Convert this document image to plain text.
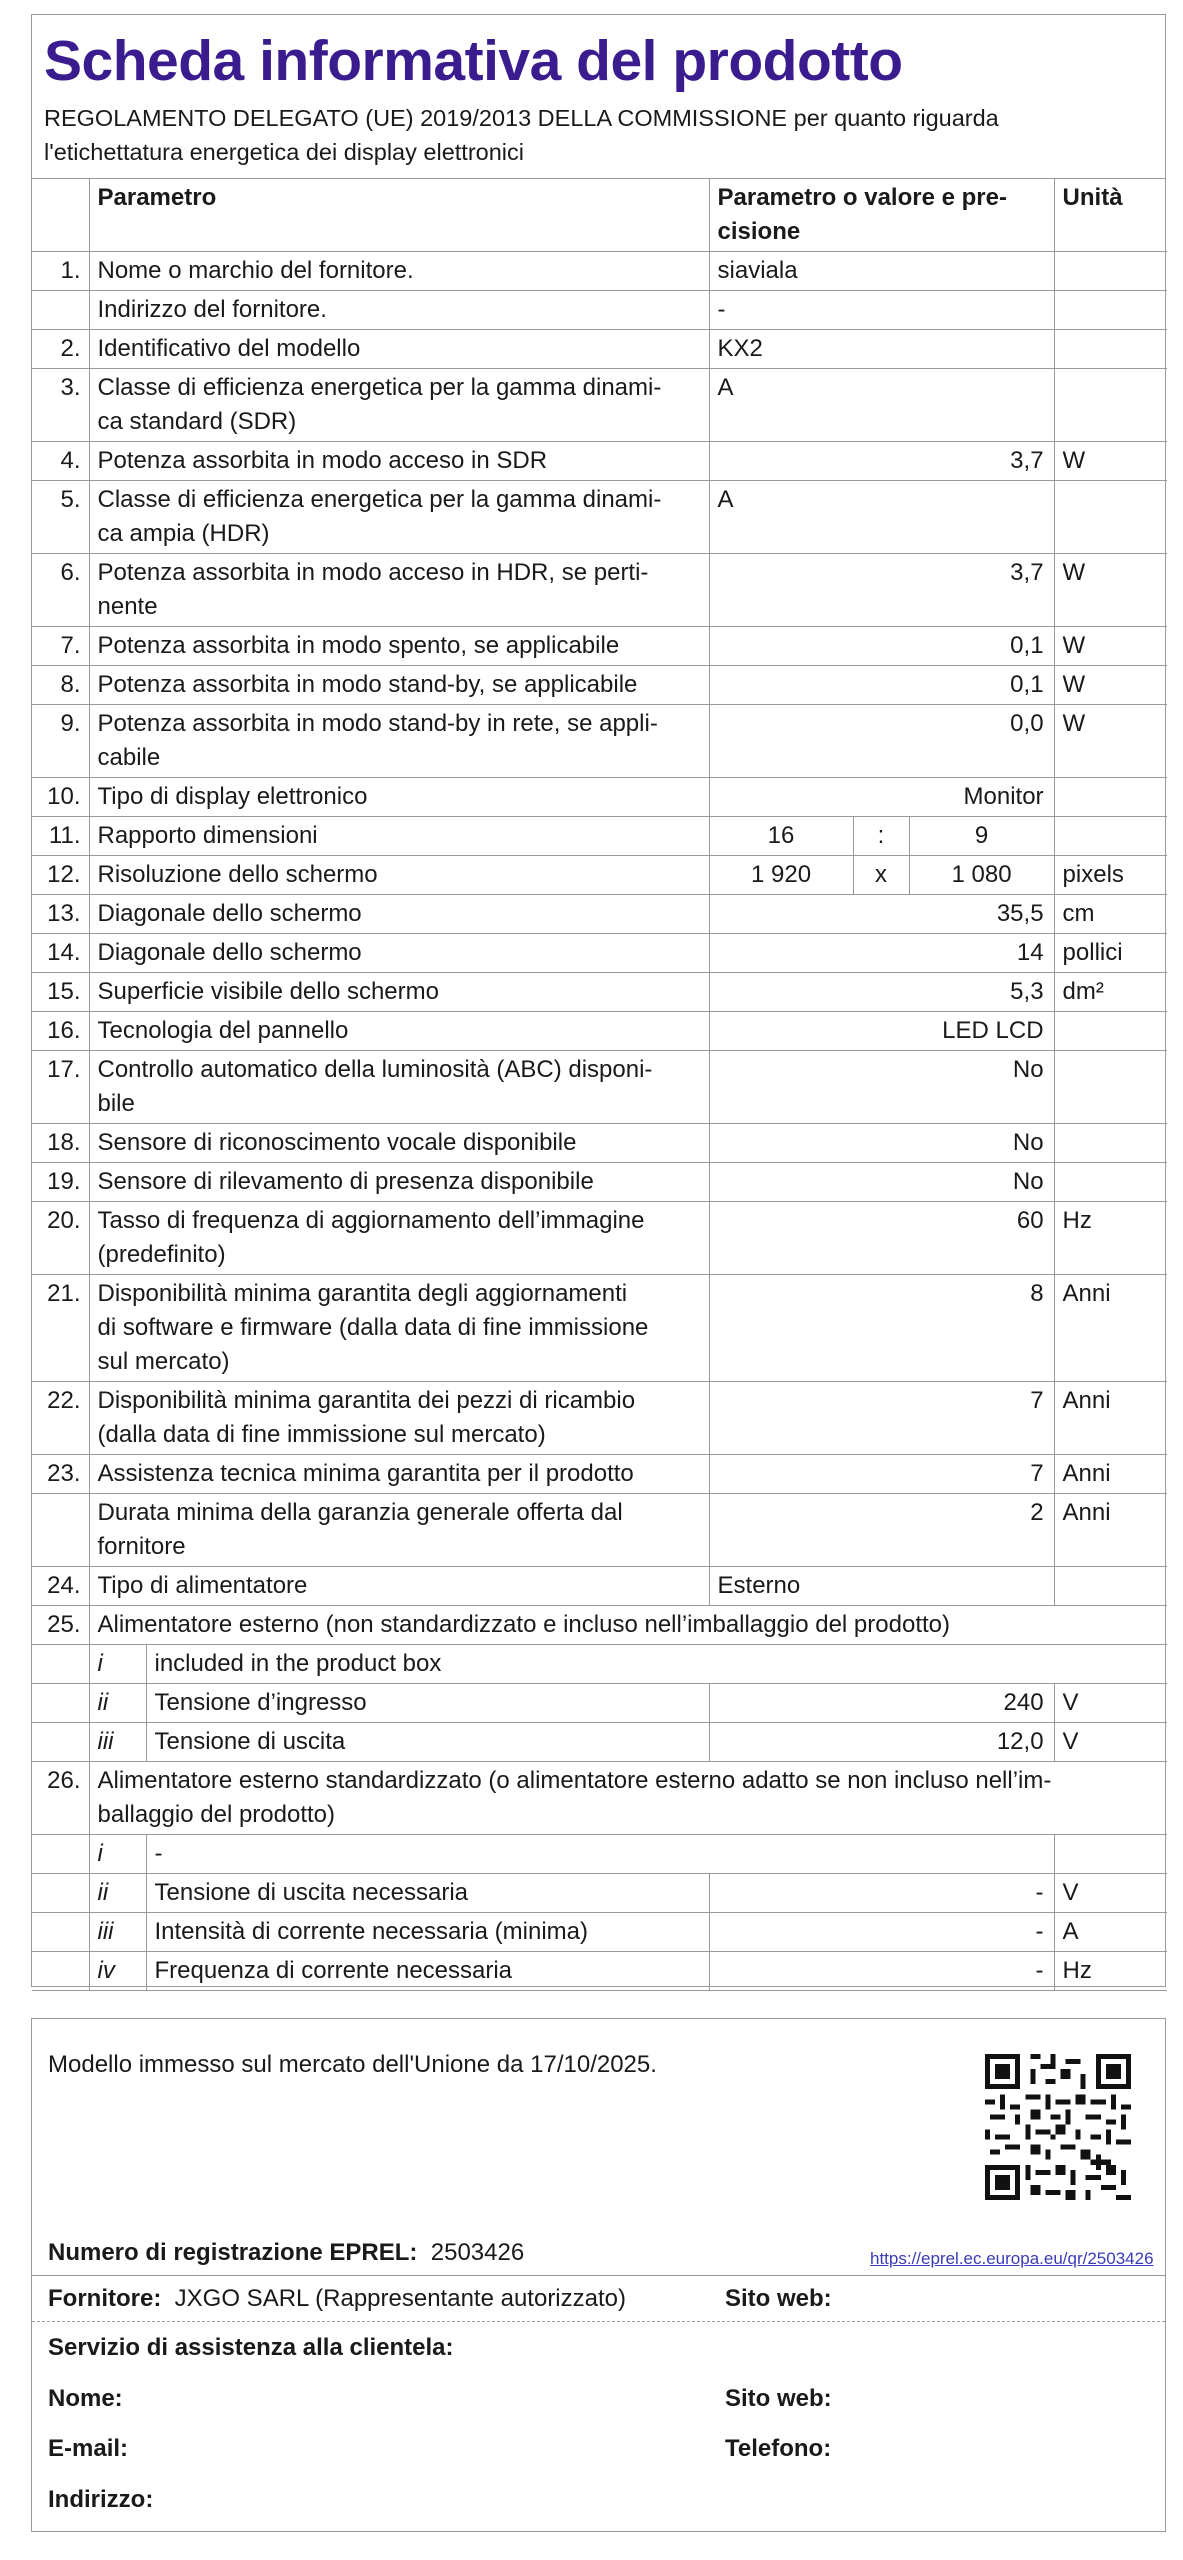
Scheda informativa del prodotto
REGOLAMENTO DELEGATO (UE) 2019/2013 DELLA COMMISSIONE per quanto riguarda
l'etichettatura energetica dei display elettronici
	Parametro		Parametro o valore e pre-
cisione			Unità
1.	Nome o marchio del fornitore.		siaviala			
	Indirizzo del fornitore.		-			
2.	Identificativo del modello		KX2			
3.	Classe di efficienza energetica per la gamma dinami-
ca standard (SDR)		A			
4.	Potenza assorbita in modo acceso in SDR		3,7			W
5.	Classe di efficienza energetica per la gamma dinami-
ca ampia (HDR)		A			
6.	Potenza assorbita in modo acceso in HDR, se perti-
nente		3,7			W
7.	Potenza assorbita in modo spento, se applicabile		0,1			W
8.	Potenza assorbita in modo stand-by, se applicabile		0,1			W
9.	Potenza assorbita in modo stand-by in rete, se appli-
cabile		0,0			W
10.	Tipo di display elettronico		Monitor			
11.	Rapporto dimensioni		16	:	9	
12.	Risoluzione dello schermo		1 920	x	1 080	pixels
13.	Diagonale dello schermo		35,5			cm
14.	Diagonale dello schermo		14			pollici
15.	Superficie visibile dello schermo		5,3			dm²
16.	Tecnologia del pannello		LED LCD			
17.	Controllo automatico della luminosità (ABC) disponi-
bile		No			
18.	Sensore di riconoscimento vocale disponibile		No			
19.	Sensore di rilevamento di presenza disponibile		No			
20.	Tasso di frequenza di aggiornamento dell’immagine
(predefinito)		60			Hz
21.	Disponibilità minima garantita degli aggiornamenti
di software e firmware (dalla data di fine immissione
sul mercato)		8			Anni
22.	Disponibilità minima garantita dei pezzi di ricambio
(dalla data di fine immissione sul mercato)		7			Anni
23.	Assistenza tecnica minima garantita per il prodotto		7			Anni

	Durata minima della garanzia generale offerta dal
fornitore		2			Anni
24.	Tipo di alimentatore		Esterno			
25.	Alimentatore esterno (non standardizzato e incluso nell’imballaggio del prodotto)					
	i	included in the product box				
	ii	Tensione d’ingresso	240			V
	iii	Tensione di uscita	12,0			V
26.	Alimentatore esterno standardizzato (o alimentatore esterno adatto se non incluso nell’im-
ballaggio del prodotto)					

	i	-				
	ii	Tensione di uscita necessaria	-			V
	iii	Intensità di corrente necessaria (minima)	-			A
	iv	Frequenza di corrente necessaria	-			Hz
Modello immesso sul mercato dell'Unione da 17/10/2025.
Numero di registrazione EPREL: 2503426	https://eprel.ec.europa.eu/qr/2503426
Fornitore: JXGO SARL (Rappresentante autorizzato)	Sito web:
Servizio di assistenza alla clientela:
Nome:	Sito web:
E-mail:	Telefono:
Indirizzo:
